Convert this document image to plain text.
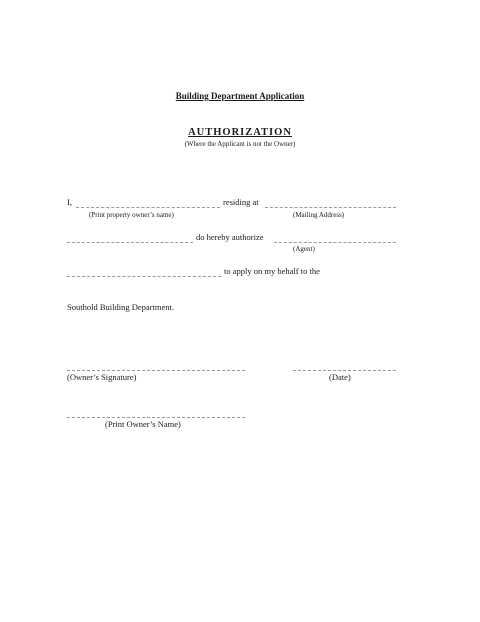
Building Department Application
AUTHORIZATION
(Where the Applicant is not the Owner)
I,	residing at
(Print property owner’s name)	(Mailing Address)
do hereby authorize
(Agent)
to apply on my behalf to the
Southold Building Department.
(Owner’s Signature)	(Date)
(Print Owner’s Name)
